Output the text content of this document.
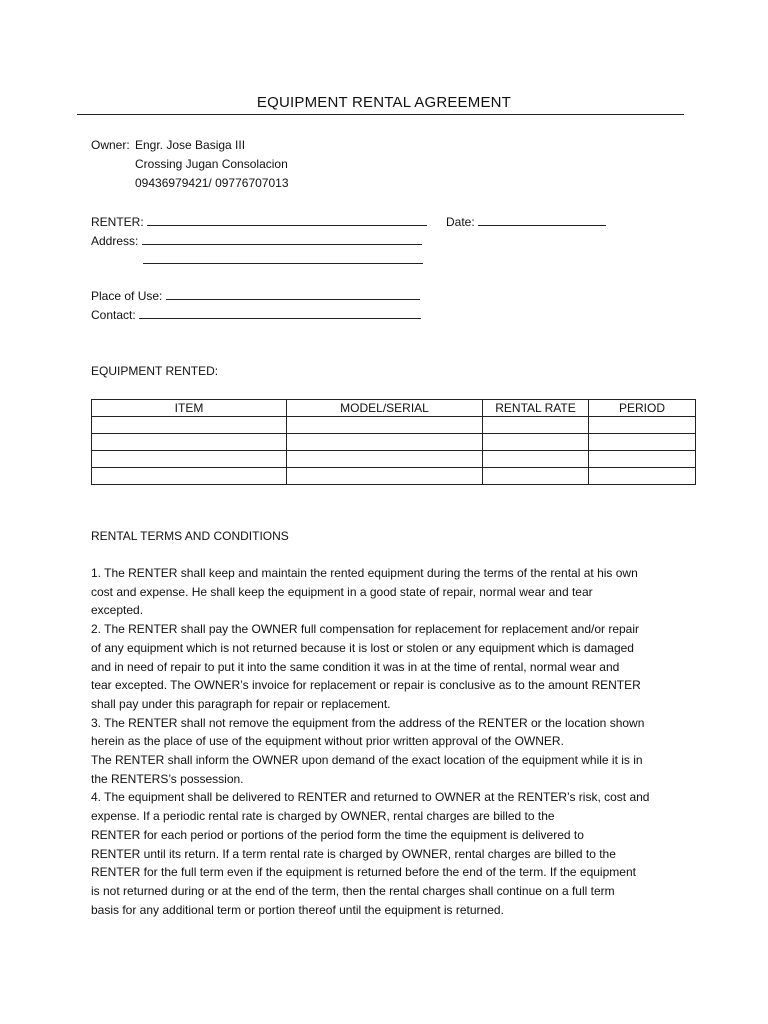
EQUIPMENT RENTAL AGREEMENT
Owner: Engr. Jose Basiga III
Crossing Jugan Consolacion
09436979421/ 09776707013
RENTER:	Date:
Address:
Place of Use:
Contact:
EQUIPMENT RENTED:
ITEM	MODEL/SERIAL	RENTAL RATE	PERIOD

RENTAL TERMS AND CONDITIONS

1. The RENTER shall keep and maintain the rented equipment during the terms of the rental at his own

cost and expense. He shall keep the equipment in a good state of repair, normal wear and tear

excepted.

2. The RENTER shall pay the OWNER full compensation for replacement for replacement and/or repair

of any equipment which is not returned because it is lost or stolen or any equipment which is damaged

and in need of repair to put it into the same condition it was in at the time of rental, normal wear and

tear excepted. The OWNER’s invoice for replacement or repair is conclusive as to the amount RENTER

shall pay under this paragraph for repair or replacement.

3. The RENTER shall not remove the equipment from the address of the RENTER or the location shown

herein as the place of use of the equipment without prior written approval of the OWNER.

The RENTER shall inform the OWNER upon demand of the exact location of the equipment while it is in

the RENTERS’s possession.

4. The equipment shall be delivered to RENTER and returned to OWNER at the RENTER’s risk, cost and

expense. If a periodic rental rate is charged by OWNER, rental charges are billed to the

RENTER for each period or portions of the period form the time the equipment is delivered to

RENTER until its return. If a term rental rate is charged by OWNER, rental charges are billed to the

RENTER for the full term even if the equipment is returned before the end of the term. If the equipment

is not returned during or at the end of the term, then the rental charges shall continue on a full term

basis for any additional term or portion thereof until the equipment is returned.
